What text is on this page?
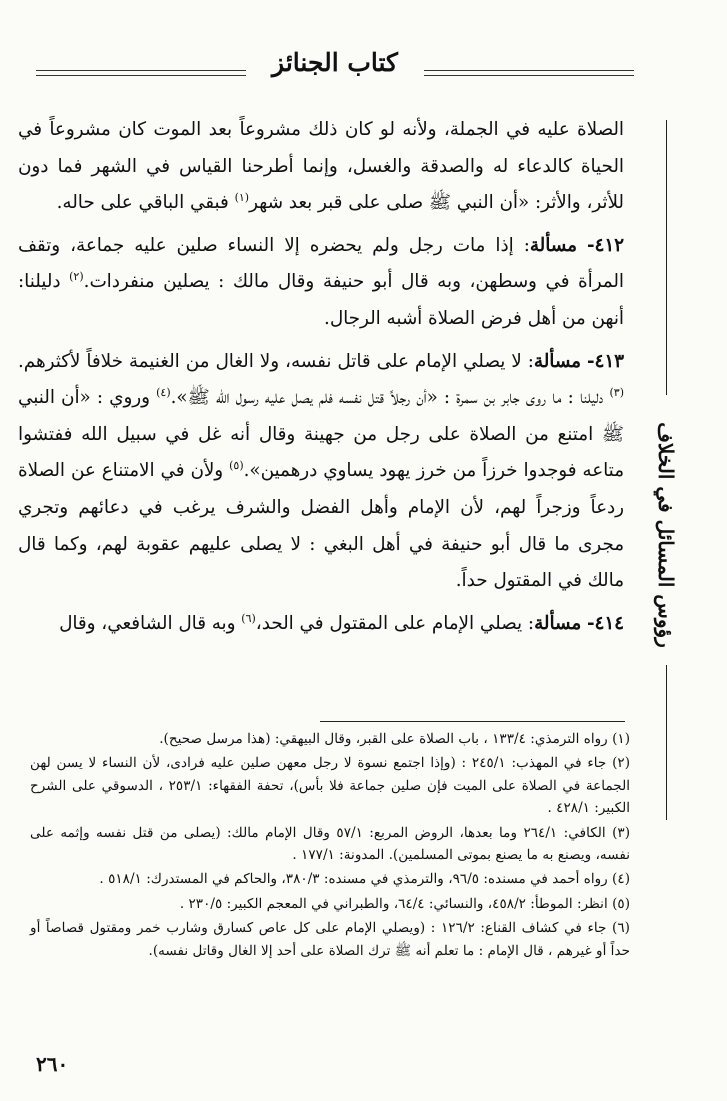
كتاب الجنائز
رؤوس المسائل في الخلاف

الصلاة عليه في الجملة، ولأنه لو كان ذلك مشروعاً بعد الموت كان مشروعاً في الحياة كالدعاء له والصدقة والغسل، وإنما أطرحنا القياس في الشهر فما دون للأثر، والأثر: «أن النبي ﷺ صلى على قبر بعد شهر$^{(١)}$ فبقي الباقي على حاله.

٤١٢- مسألة: إذا مات رجل ولم يحضره إلا النساء صلين عليه جماعة، وتقف المرأة في وسطهن، وبه قال أبو حنيفة وقال مالك : يصلين منفردات.$^{(٢)}$ دليلنا: أنهن من أهل فرض الصلاة أشبه الرجال.

٤١٣- مسألة: لا يصلي الإمام على قاتل نفسه، ولا الغال من الغنيمة خلافاً لأكثرهم.$^{(٣)}$ دليلنا : ما روى جابر بن سمرة : «أن رجلاً قتل نفسه فلم يصل عليه رسول الله ﷺ».$^{(٤)}$ وروي : «أن النبي ﷺ امتنع من الصلاة على رجل من جهينة وقال أنه غل في سبيل الله ففتشوا متاعه فوجدوا خرزاً من خرز يهود يساوي درهمين».$^{(٥)}$ ولأن في الامتناع عن الصلاة ردعاً وزجراً لهم، لأن الإمام وأهل الفضل والشرف يرغب في دعائهم وتجري مجرى ما قال أبو حنيفة في أهل البغي : لا يصلى عليهم عقوبة لهم، وكما قال مالك في المقتول حداً.

٤١٤- مسألة: يصلي الإمام على المقتول في الحد،$^{(٦)}$ وبه قال الشافعي، وقال

(١) رواه الترمذي: ١٣٣/٤ ، باب الصلاة على القبر، وقال البيهقي: (هذا مرسل صحيح).

(٢) جاء في المهذب: ٢٤٥/١ : (وإذا اجتمع نسوة لا رجل معهن صلين عليه فرادى، لأن النساء لا يسن لهن الجماعة في الصلاة على الميت فإن صلين جماعة فلا بأس)، تحفة الفقهاء: ٢٥٣/١ ، الدسوقي على الشرح الكبير: ٤٢٨/١ .

(٣) الكافي: ٢٦٤/١ وما بعدها، الروض المربع: ٥٧/١ وقال الإمام مالك: (يصلى من قتل نفسه وإثمه على نفسه، ويصنع به ما يصنع بموتى المسلمين). المدونة: ١٧٧/١ .

(٤) رواه أحمد في مسنده: ٩٦/٥، والترمذي في مسنده: ٣٨٠/٣، والحاكم في المستدرك: ٥١٨/١ .

(٥) انظر: الموطأ: ٤٥٨/٢، والنسائي: ٦٤/٤، والطبراني في المعجم الكبير: ٢٣٠/٥ .

(٦) جاء في كشاف القناع: ١٢٦/٢ : (ويصلي الإمام على كل عاص كسارق وشارب خمر ومقتول قصاصاً أو حداً أو غيرهم ، قال الإمام : ما تعلم أنه ﷺ ترك الصلاة على أحد إلا الغال وقاتل نفسه).

٢٦٠
